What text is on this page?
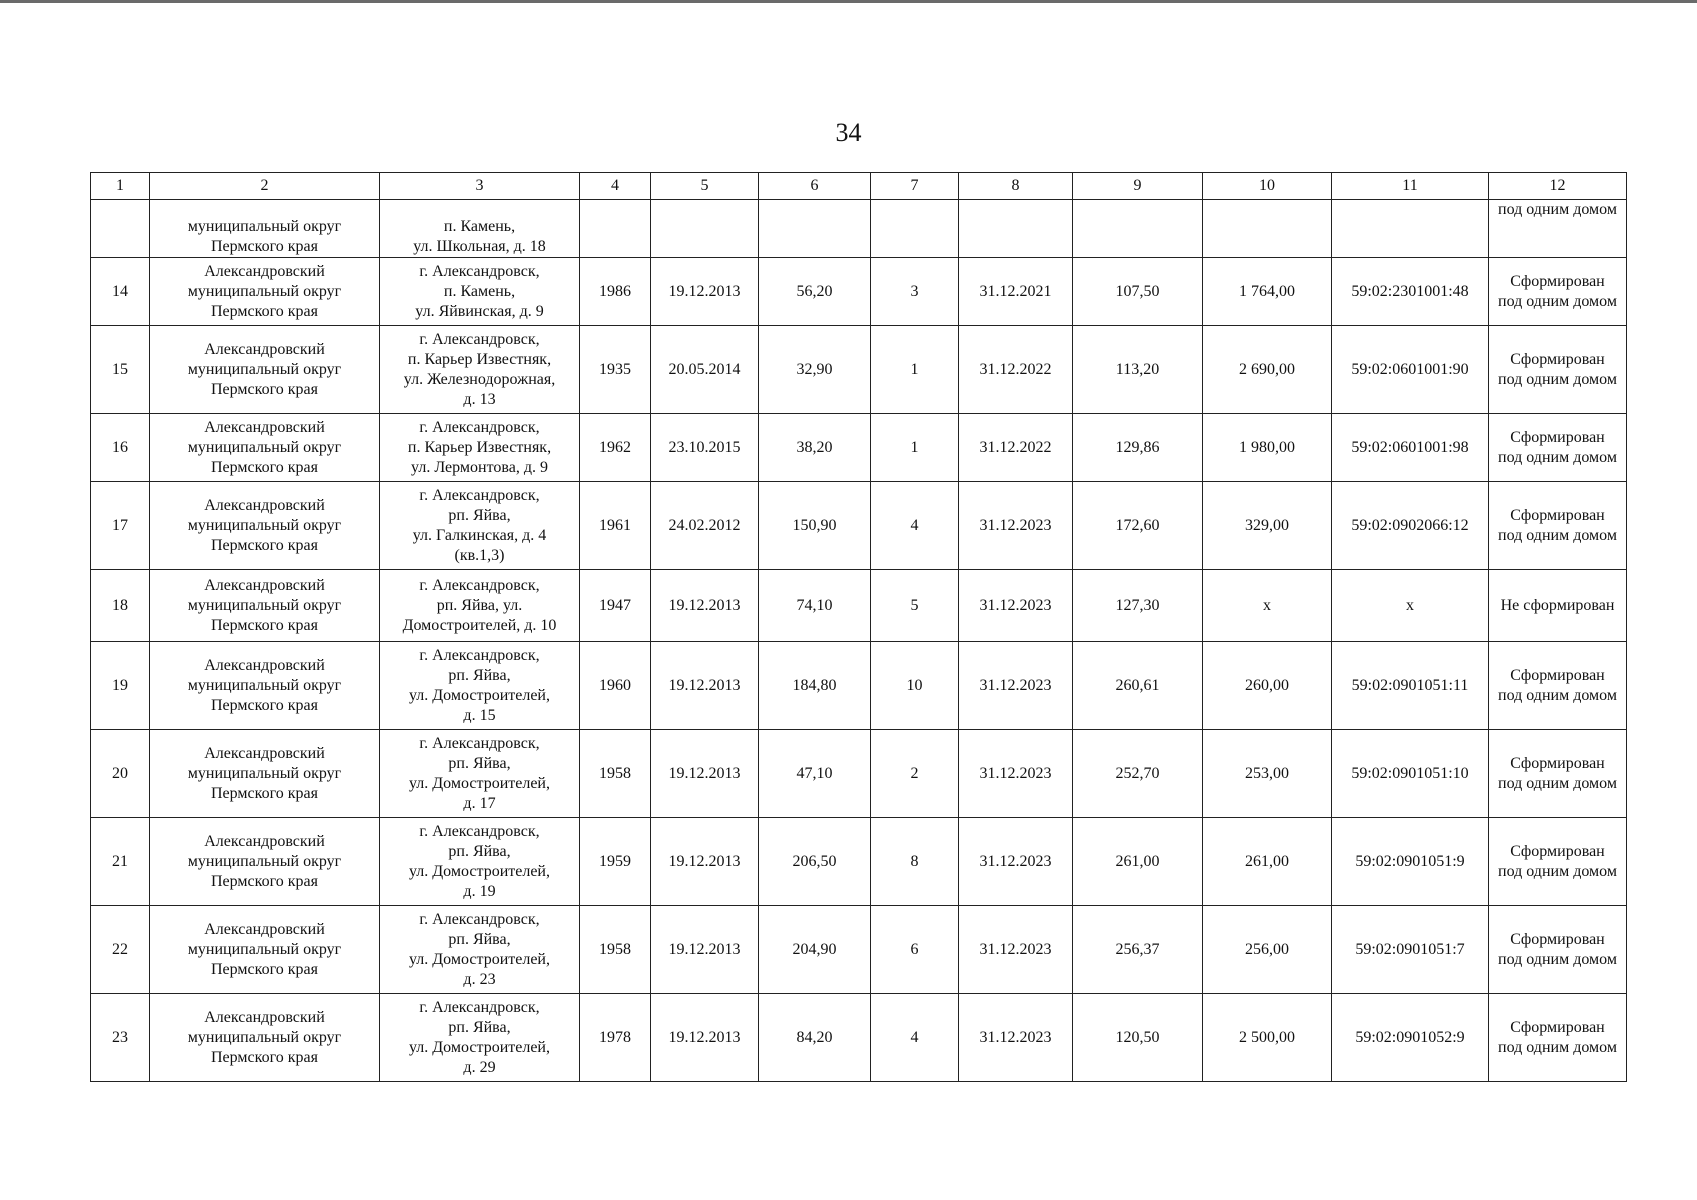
34
1	2	3	4	5	6	7	8	9	10	11	12
	муниципальный округ
Пермского края	п. Камень,
ул. Школьная, д. 18									под одним домом
14	Александровский
муниципальный округ
Пермского края	г. Александровск,
п. Камень,
ул. Яйвинская, д. 9	1986	19.12.2013	56,20	3	31.12.2021	107,50	1 764,00	59:02:2301001:48	Сформирован
под одним домом
15	Александровский
муниципальный округ
Пермского края	г. Александровск,
п. Карьер Известняк,
ул. Железнодорожная,
д. 13	1935	20.05.2014	32,90	1	31.12.2022	113,20	2 690,00	59:02:0601001:90	Сформирован
под одним домом
16	Александровский
муниципальный округ
Пермского края	г. Александровск,
п. Карьер Известняк,
ул. Лермонтова, д. 9	1962	23.10.2015	38,20	1	31.12.2022	129,86	1 980,00	59:02:0601001:98	Сформирован
под одним домом
17	Александровский
муниципальный округ
Пермского края	г. Александровск,
рп. Яйва,
ул. Галкинская, д. 4
(кв.1,3)	1961	24.02.2012	150,90	4	31.12.2023	172,60	329,00	59:02:0902066:12	Сформирован
под одним домом
18	Александровский
муниципальный округ
Пермского края	г. Александровск,
рп. Яйва, ул.
Домостроителей, д. 10	1947	19.12.2013	74,10	5	31.12.2023	127,30	х	х	Не сформирован
19	Александровский
муниципальный округ
Пермского края	г. Александровск,
рп. Яйва,
ул. Домостроителей,
д. 15	1960	19.12.2013	184,80	10	31.12.2023	260,61	260,00	59:02:0901051:11	Сформирован
под одним домом
20	Александровский
муниципальный округ
Пермского края	г. Александровск,
рп. Яйва,
ул. Домостроителей,
д. 17	1958	19.12.2013	47,10	2	31.12.2023	252,70	253,00	59:02:0901051:10	Сформирован
под одним домом
21	Александровский
муниципальный округ
Пермского края	г. Александровск,
рп. Яйва,
ул. Домостроителей,
д. 19	1959	19.12.2013	206,50	8	31.12.2023	261,00	261,00	59:02:0901051:9	Сформирован
под одним домом
22	Александровский
муниципальный округ
Пермского края	г. Александровск,
рп. Яйва,
ул. Домостроителей,
д. 23	1958	19.12.2013	204,90	6	31.12.2023	256,37	256,00	59:02:0901051:7	Сформирован
под одним домом
23	Александровский
муниципальный округ
Пермского края	г. Александровск,
рп. Яйва,
ул. Домостроителей,
д. 29	1978	19.12.2013	84,20	4	31.12.2023	120,50	2 500,00	59:02:0901052:9	Сформирован
под одним домом
